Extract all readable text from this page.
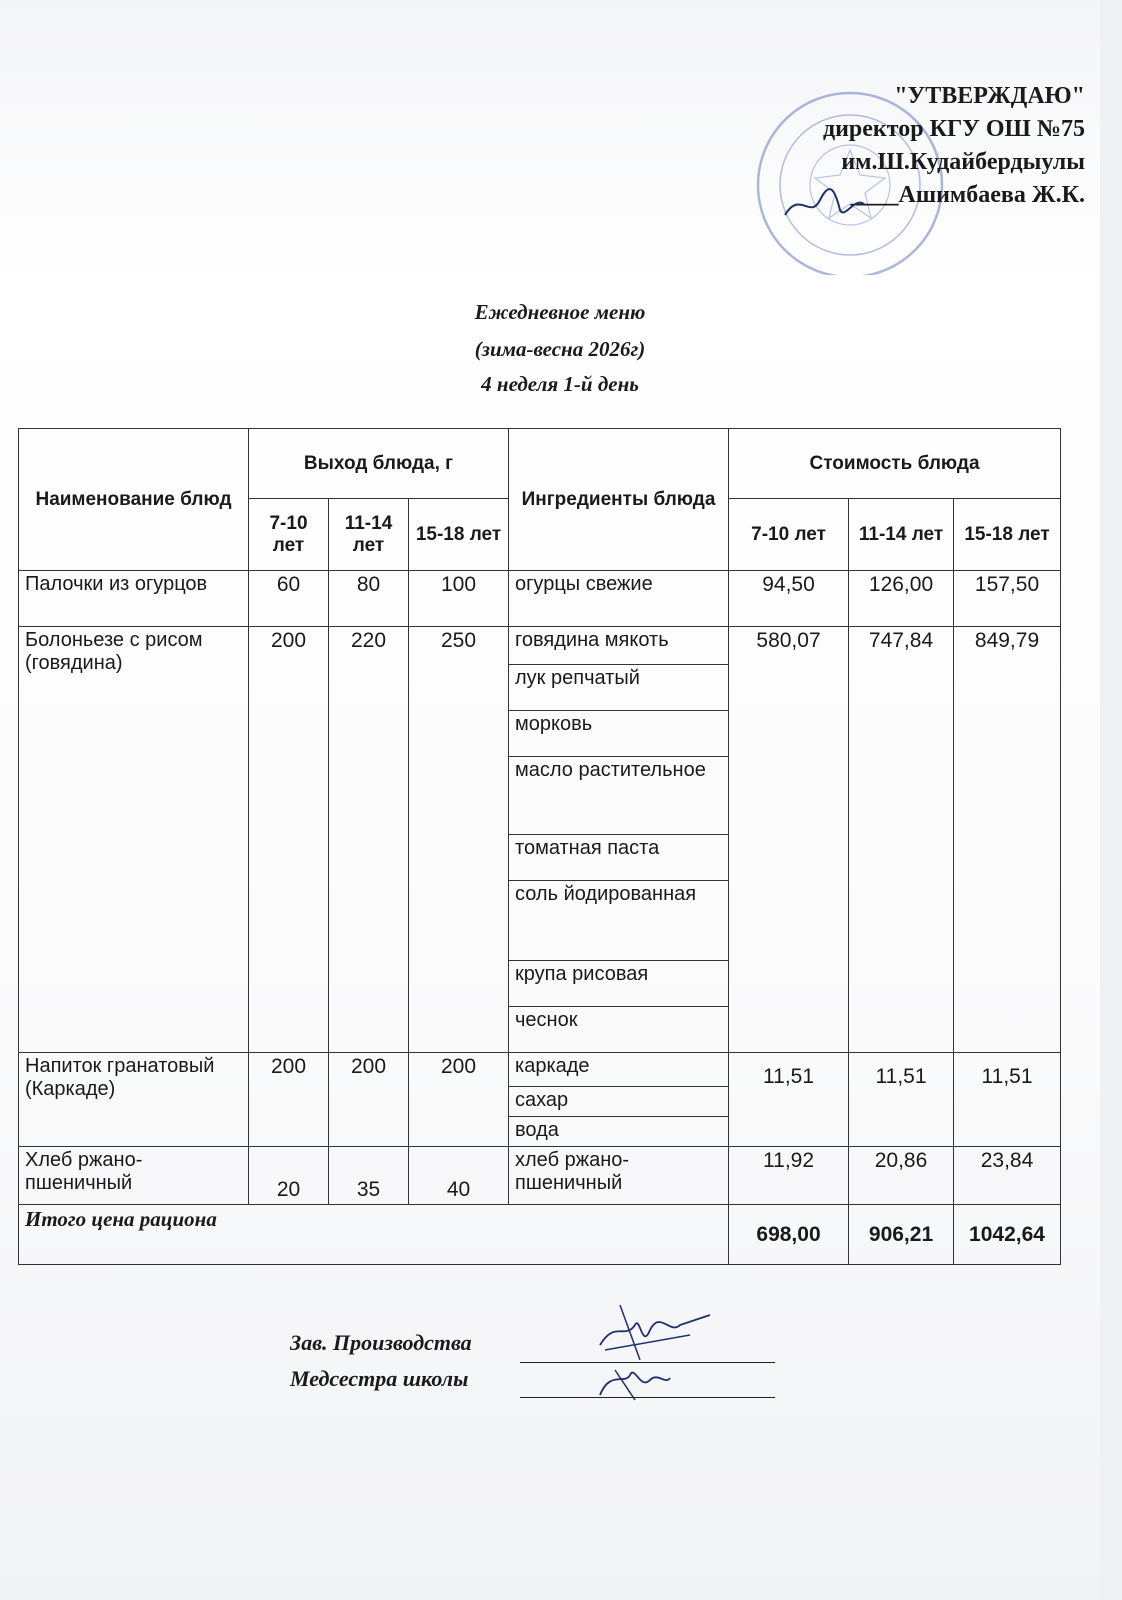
"УТВЕРЖДАЮ"
директор КГУ ОШ №75
им.Ш.Кудайбердыулы
____Ашимбаева Ж.К.
Ежедневное меню
(зима-весна 2026г)
4 неделя 1-й день
Наименование блюд	Выход блюда, г			Ингредиенты блюда	Стоимость блюда		
	7-10 лет	11-14 лет	15-18 лет		7-10 лет	11-14 лет	15-18 лет
Палочки из огурцов	60	80	100	огурцы свежие	94,50	126,00	157,50
Болоньезе с рисом (говядина)	200	220	250	говядина мякоть	580,07	747,84	849,79
				лук репчатый			
				морковь			
				масло растительное			
				томатная паста			
				соль йодированная			
				крупа рисовая			
				чеснок			
Напиток гранатовый (Каркаде)	200	200	200	каркаде	11,51	11,51	11,51
				сахар			
				вода			
Хлеб ржано-пшеничный	20	35	40	хлеб ржано-пшеничный	11,92	20,86	23,84
Итого цена рациона					698,00	906,21	1042,64
Зав. Производства
Медсестра школы
